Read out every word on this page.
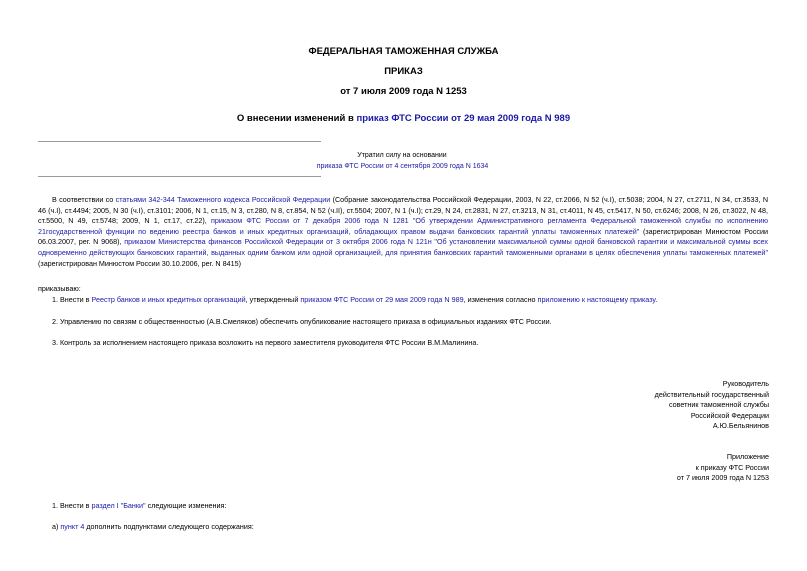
ФЕДЕРАЛЬНАЯ ТАМОЖЕННАЯ СЛУЖБА
ПРИКАЗ
от 7 июля 2009 года N 1253
О внесении изменений в приказ ФТС России от 29 мая 2009 года N 989
Утратил силу на основании
приказа ФТС России от 4 сентября 2009 года N 1634
В соответствии со статьями 342-344 Таможенного кодекса Российской Федерации (Собрание законодательства Российской Федерации, 2003, N 22, ст.2066, N 52 (ч.I), ст.5038; 2004, N 27, ст.2711, N 34, ст.3533, N 46 (ч.I), ст.4494; 2005, N 30 (ч.I), ст.3101; 2006, N 1, ст.15, N 3, ст.280, N 8, ст.854, N 52 (ч.II), ст.5504; 2007, N 1 (ч.I); ст.29, N 24, ст.2831, N 27, ст.3213, N 31, ст.4011, N 45, ст.5417, N 50, ст.6246; 2008, N 26, ст.3022, N 48, ст.5500, N 49, ст.5748; 2009, N 1, ст.17, ст.22), приказом ФТС России от 7 декабря 2006 года N 1281 "Об утверждении Административного регламента Федеральной таможенной службы по исполнению 21государственной функции по ведению реестра банков и иных кредитных организаций, обладающих правом выдачи банковских гарантий уплаты таможенных платежей" (зарегистрирован Минюстом России 06.03.2007, рег. N 9068), приказом Министерства финансов Российской Федерации от 3 октября 2006 года N 121н "Об установлении максимальной суммы одной банковской гарантии и максимальной суммы всех одновременно действующих банковских гарантий, выданных одним банком или одной организацией, для принятия банковских гарантий таможенными органами в целях обеспечения уплаты таможенных платежей" (зарегистрирован Минюстом России 30.10.2006, рег. N 8415)
приказываю:
1. Внести в Реестр банков и иных кредитных организаций, утвержденный приказом ФТС России от 29 мая 2009 года N 989, изменения согласно приложению к настоящему приказу.
2. Управлению по связям с общественностью (А.В.Смеляков) обеспечить опубликование настоящего приказа в официальных изданиях ФТС России.
3. Контроль за исполнением настоящего приказа возложить на первого заместителя руководителя ФТС России В.М.Малинина.
Руководитель
действительный государственный
советник таможенной службы
Российской Федерации
А.Ю.Бельянинов
Приложение
к приказу ФТС России
от 7 июля 2009 года N 1253
1. Внести в раздел I "Банки" следующие изменения:
а) пункт 4 дополнить подпунктами следующего содержания:
